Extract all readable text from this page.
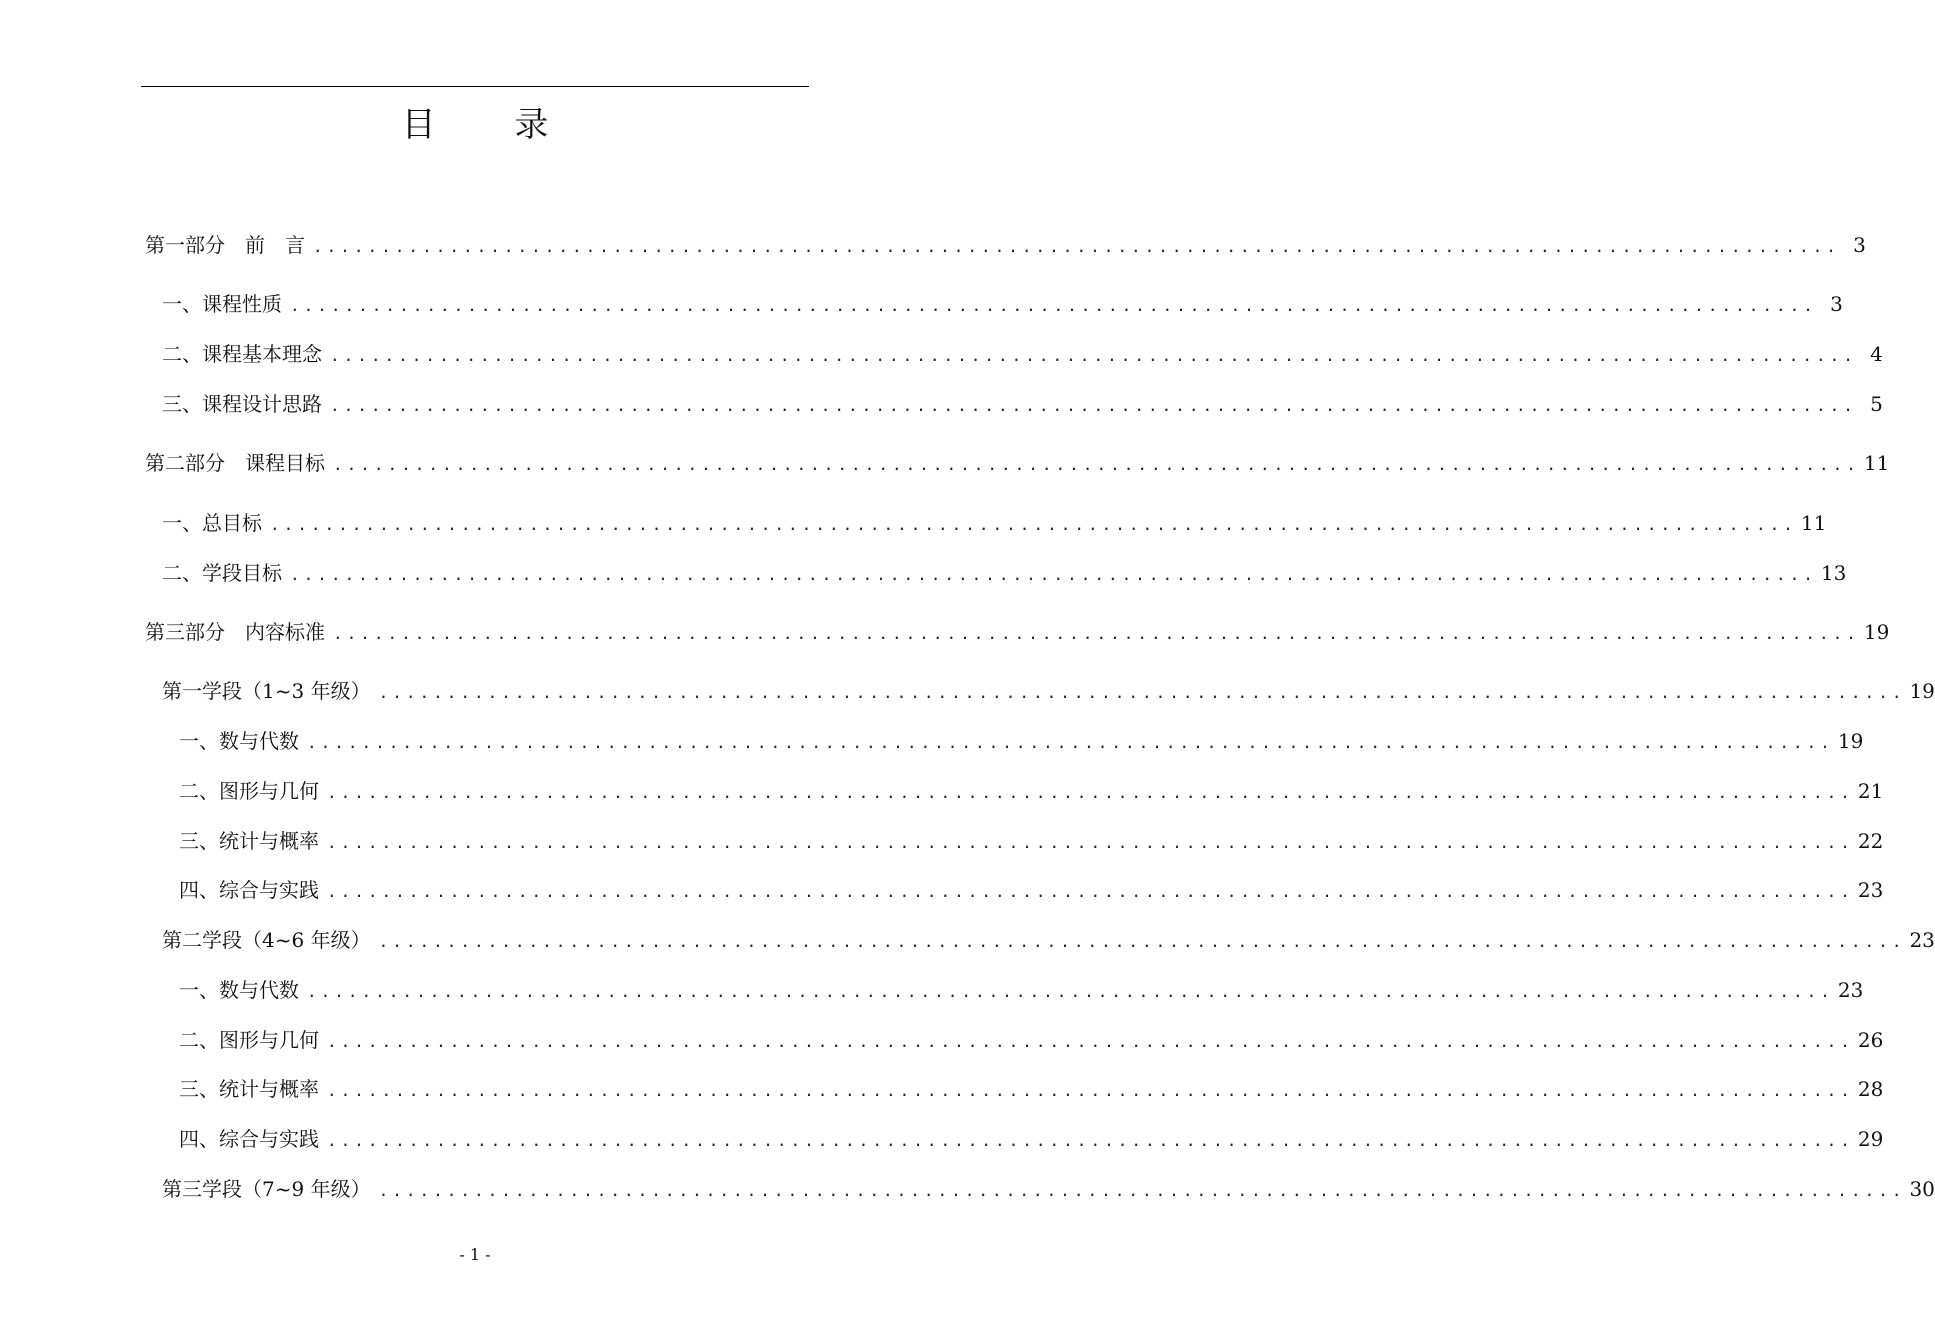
目 录
第一部分　前　言 ................................................................................................................ 3
一、课程性质 ................................................................................................................ 3
二、课程基本理念 ................................................................................................................ 4
三、课程设计思路 ................................................................................................................ 5
第二部分　课程目标 ................................................................................................................ 11
一、总目标 ................................................................................................................ 11
二、学段目标 ................................................................................................................ 13
第三部分　内容标准 ................................................................................................................ 19
第一学段（1~3 年级） ................................................................................................................ 19
一、数与代数 ................................................................................................................ 19
二、图形与几何 ................................................................................................................ 21
三、统计与概率 ................................................................................................................ 22
四、综合与实践 ................................................................................................................ 23
第二学段（4~6 年级） ................................................................................................................ 23
一、数与代数 ................................................................................................................ 23
二、图形与几何 ................................................................................................................ 26
三、统计与概率 ................................................................................................................ 28
四、综合与实践 ................................................................................................................ 29
第三学段（7~9 年级） ................................................................................................................ 30
- 1 -
